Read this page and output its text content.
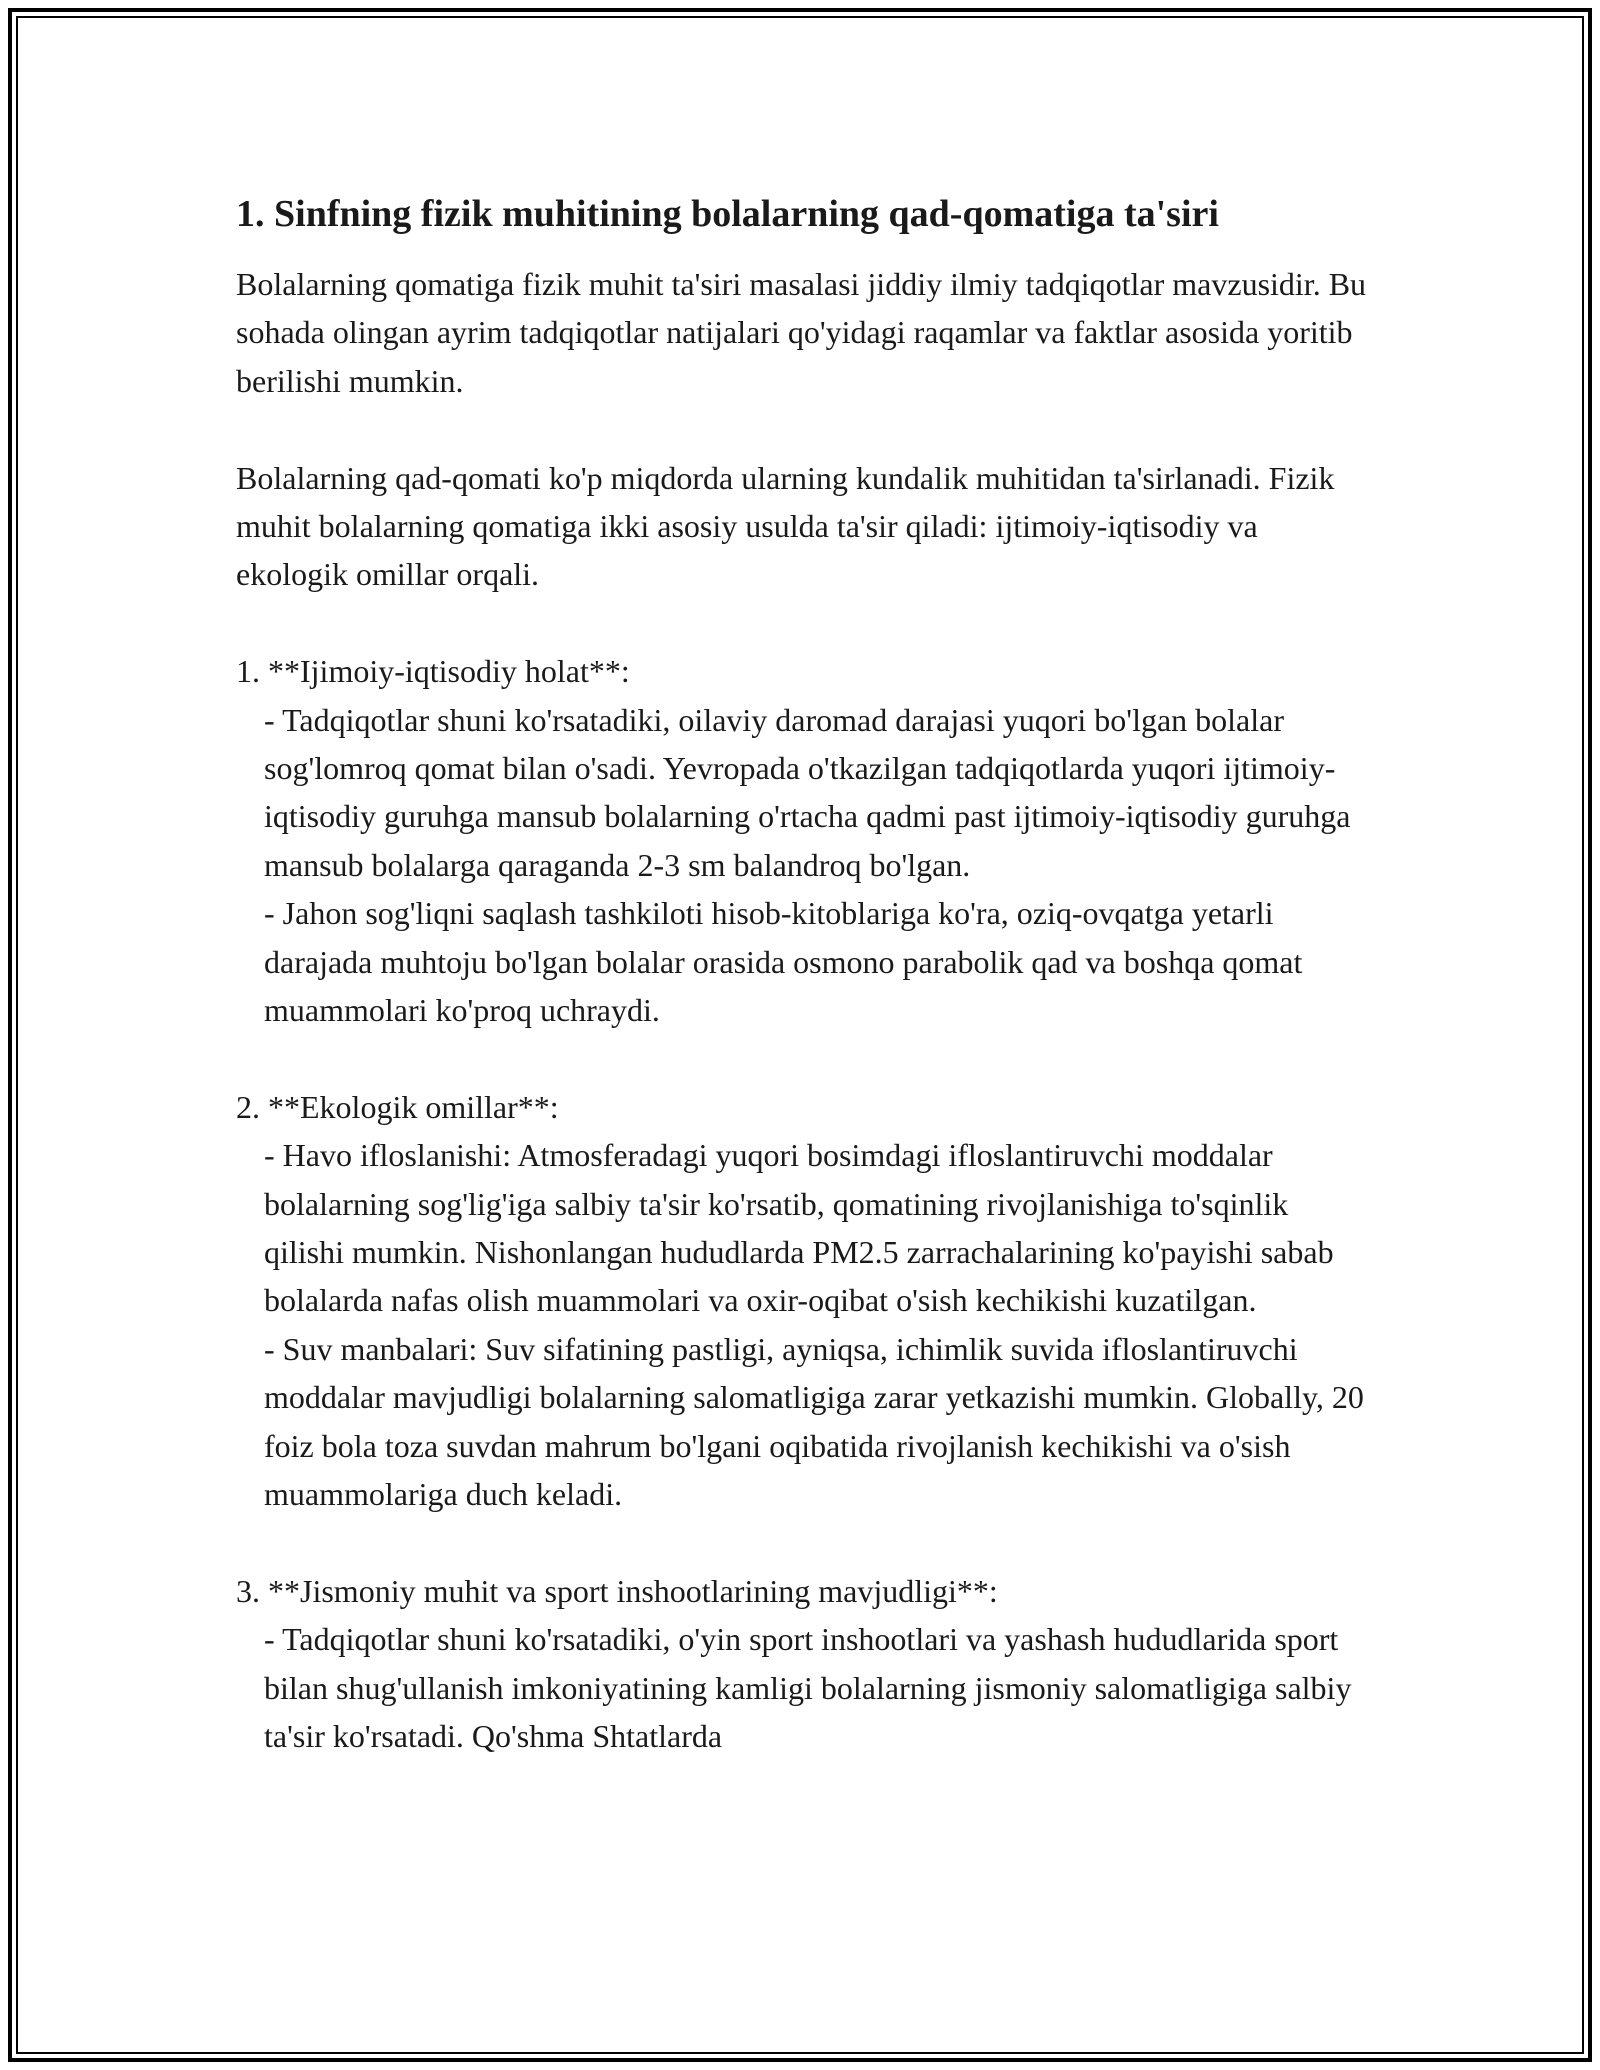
1. Sinfning fizik muhitining bolalarning qad-qomatiga ta'siri

Bolalarning qomatiga fizik muhit ta'siri masalasi jiddiy ilmiy tadqiqotlar mavzusidir. Bu sohada olingan ayrim tadqiqotlar natijalari qo'yidagi raqamlar va faktlar asosida yoritib berilishi mumkin.

Bolalarning qad-qomati ko'p miqdorda ularning kundalik muhitidan ta'sirlanadi. Fizik muhit bolalarning qomatiga ikki asosiy usulda ta'sir qiladi: ijtimoiy-iqtisodiy va ekologik omillar orqali.

1. **Ijimoiy-iqtisodiy holat**:

- Tadqiqotlar shuni ko'rsatadiki, oilaviy daromad darajasi yuqori bo'lgan bolalar sog'lomroq qomat bilan o'sadi. Yevropada o'tkazilgan tadqiqotlarda yuqori ijtimoiy-iqtisodiy guruhga mansub bolalarning o'rtacha qadmi past ijtimoiy-iqtisodiy guruhga mansub bolalarga qaraganda 2-3 sm balandroq bo'lgan.

- Jahon sog'liqni saqlash tashkiloti hisob-kitoblariga ko'ra, oziq-ovqatga yetarli darajada muhtoju bo'lgan bolalar orasida osmono parabolik qad va boshqa qomat muammolari ko'proq uchraydi.

2. **Ekologik omillar**:

- Havo ifloslanishi: Atmosferadagi yuqori bosimdagi ifloslantiruvchi moddalar bolalarning sog'lig'iga salbiy ta'sir ko'rsatib, qomatining rivojlanishiga to'sqinlik qilishi mumkin. Nishonlangan hududlarda PM2.5 zarrachalarining ko'payishi sabab bolalarda nafas olish muammolari va oxir-oqibat o'sish kechikishi kuzatilgan.

- Suv manbalari: Suv sifatining pastligi, ayniqsa, ichimlik suvida ifloslantiruvchi moddalar mavjudligi bolalarning salomatligiga zarar yetkazishi mumkin. Globally, 20 foiz bola toza suvdan mahrum bo'lgani oqibatida rivojlanish kechikishi va o'sish muammolariga duch keladi.

3. **Jismoniy muhit va sport inshootlarining mavjudligi**:

- Tadqiqotlar shuni ko'rsatadiki, o'yin sport inshootlari va yashash hududlarida sport bilan shug'ullanish imkoniyatining kamligi bolalarning jismoniy salomatligiga salbiy ta'sir ko'rsatadi. Qo'shma Shtatlarda
